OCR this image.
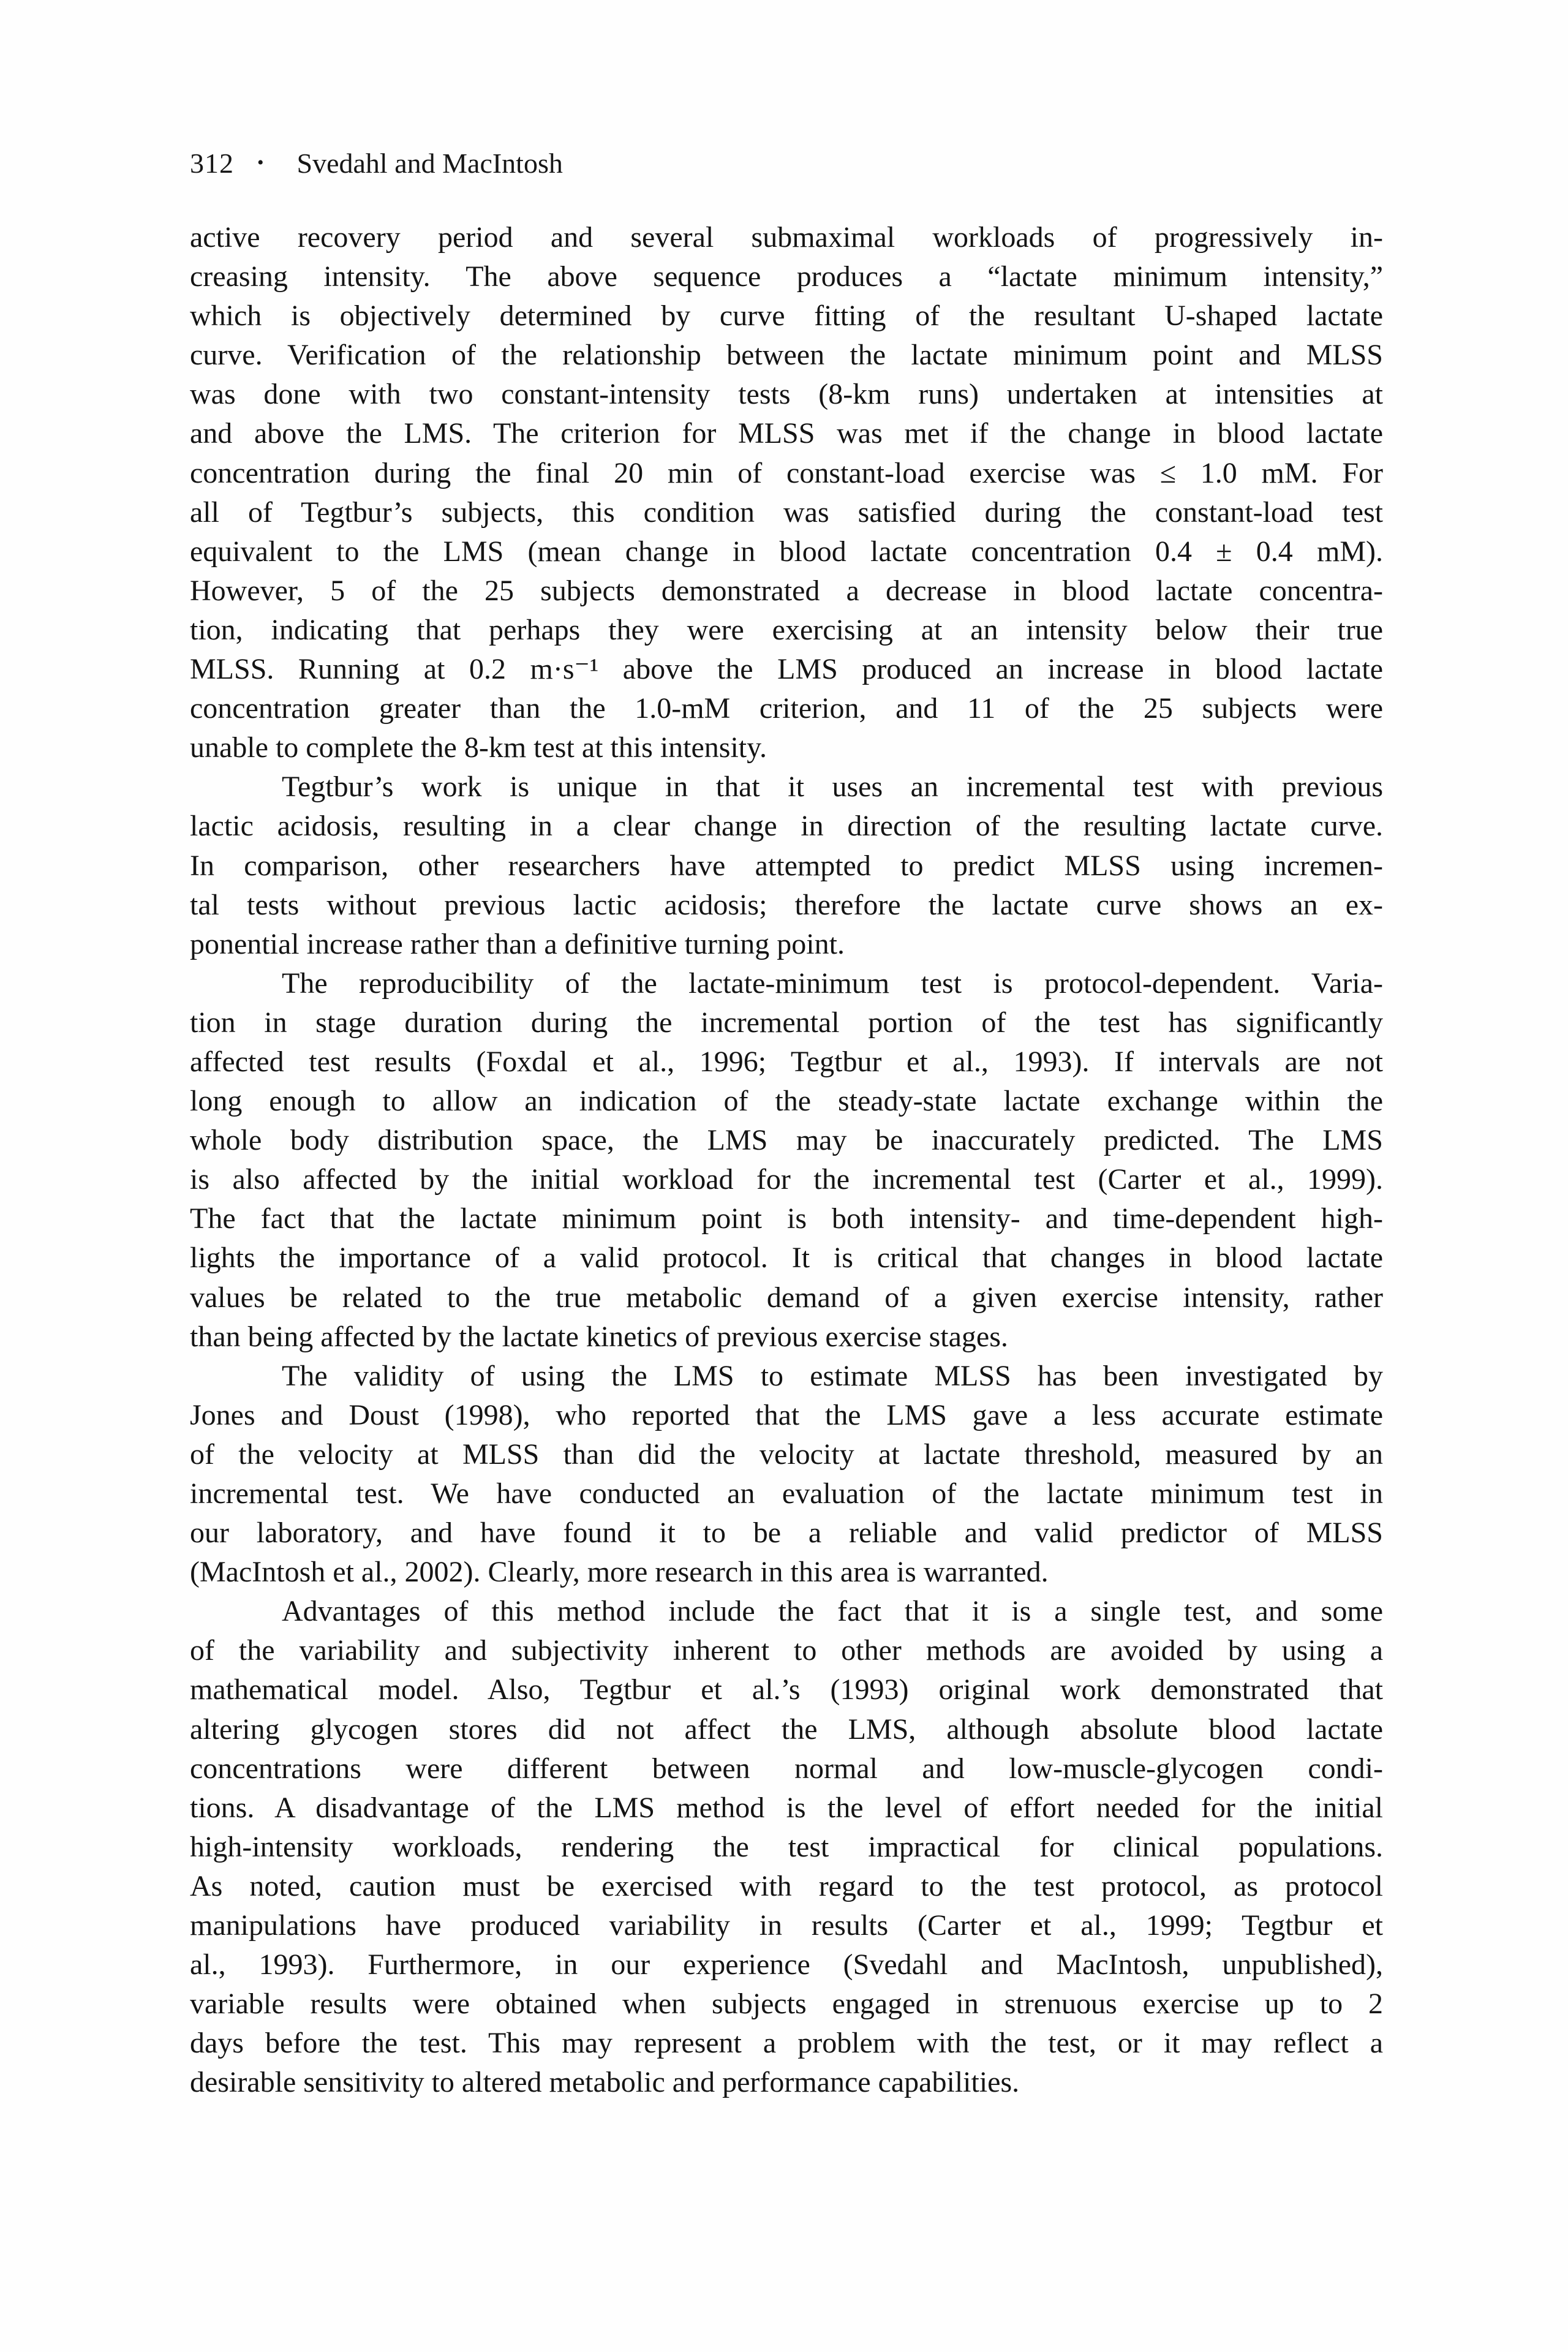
312 • Svedahl and MacIntosh
active recovery period and several submaximal workloads of progressively in-
creasing intensity. The above sequence produces a “lactate minimum intensity,”
which is objectively determined by curve fitting of the resultant U-shaped lactate
curve. Verification of the relationship between the lactate minimum point and MLSS
was done with two constant-intensity tests (8-km runs) undertaken at intensities at
and above the LMS. The criterion for MLSS was met if the change in blood lactate
concentration during the final 20 min of constant-load exercise was ≤ 1.0 mM. For
all of Tegtbur’s subjects, this condition was satisfied during the constant-load test
equivalent to the LMS (mean change in blood lactate concentration 0.4 ± 0.4 mM).
However, 5 of the 25 subjects demonstrated a decrease in blood lactate concentra-
tion, indicating that perhaps they were exercising at an intensity below their true
MLSS. Running at 0.2 m·s⁻¹ above the LMS produced an increase in blood lactate
concentration greater than the 1.0-mM criterion, and 11 of the 25 subjects were
unable to complete the 8-km test at this intensity.
Tegtbur’s work is unique in that it uses an incremental test with previous
lactic acidosis, resulting in a clear change in direction of the resulting lactate curve.
In comparison, other researchers have attempted to predict MLSS using incremen-
tal tests without previous lactic acidosis; therefore the lactate curve shows an ex-
ponential increase rather than a definitive turning point.
The reproducibility of the lactate-minimum test is protocol-dependent. Varia-
tion in stage duration during the incremental portion of the test has significantly
affected test results (Foxdal et al., 1996; Tegtbur et al., 1993). If intervals are not
long enough to allow an indication of the steady-state lactate exchange within the
whole body distribution space, the LMS may be inaccurately predicted. The LMS
is also affected by the initial workload for the incremental test (Carter et al., 1999).
The fact that the lactate minimum point is both intensity- and time-dependent high-
lights the importance of a valid protocol. It is critical that changes in blood lactate
values be related to the true metabolic demand of a given exercise intensity, rather
than being affected by the lactate kinetics of previous exercise stages.
The validity of using the LMS to estimate MLSS has been investigated by
Jones and Doust (1998), who reported that the LMS gave a less accurate estimate
of the velocity at MLSS than did the velocity at lactate threshold, measured by an
incremental test. We have conducted an evaluation of the lactate minimum test in
our laboratory, and have found it to be a reliable and valid predictor of MLSS
(MacIntosh et al., 2002). Clearly, more research in this area is warranted.
Advantages of this method include the fact that it is a single test, and some
of the variability and subjectivity inherent to other methods are avoided by using a
mathematical model. Also, Tegtbur et al.’s (1993) original work demonstrated that
altering glycogen stores did not affect the LMS, although absolute blood lactate
concentrations were different between normal and low-muscle-glycogen condi-
tions. A disadvantage of the LMS method is the level of effort needed for the initial
high-intensity workloads, rendering the test impractical for clinical populations.
As noted, caution must be exercised with regard to the test protocol, as protocol
manipulations have produced variability in results (Carter et al., 1999; Tegtbur et
al., 1993). Furthermore, in our experience (Svedahl and MacIntosh, unpublished),
variable results were obtained when subjects engaged in strenuous exercise up to 2
days before the test. This may represent a problem with the test, or it may reflect a
desirable sensitivity to altered metabolic and performance capabilities.
